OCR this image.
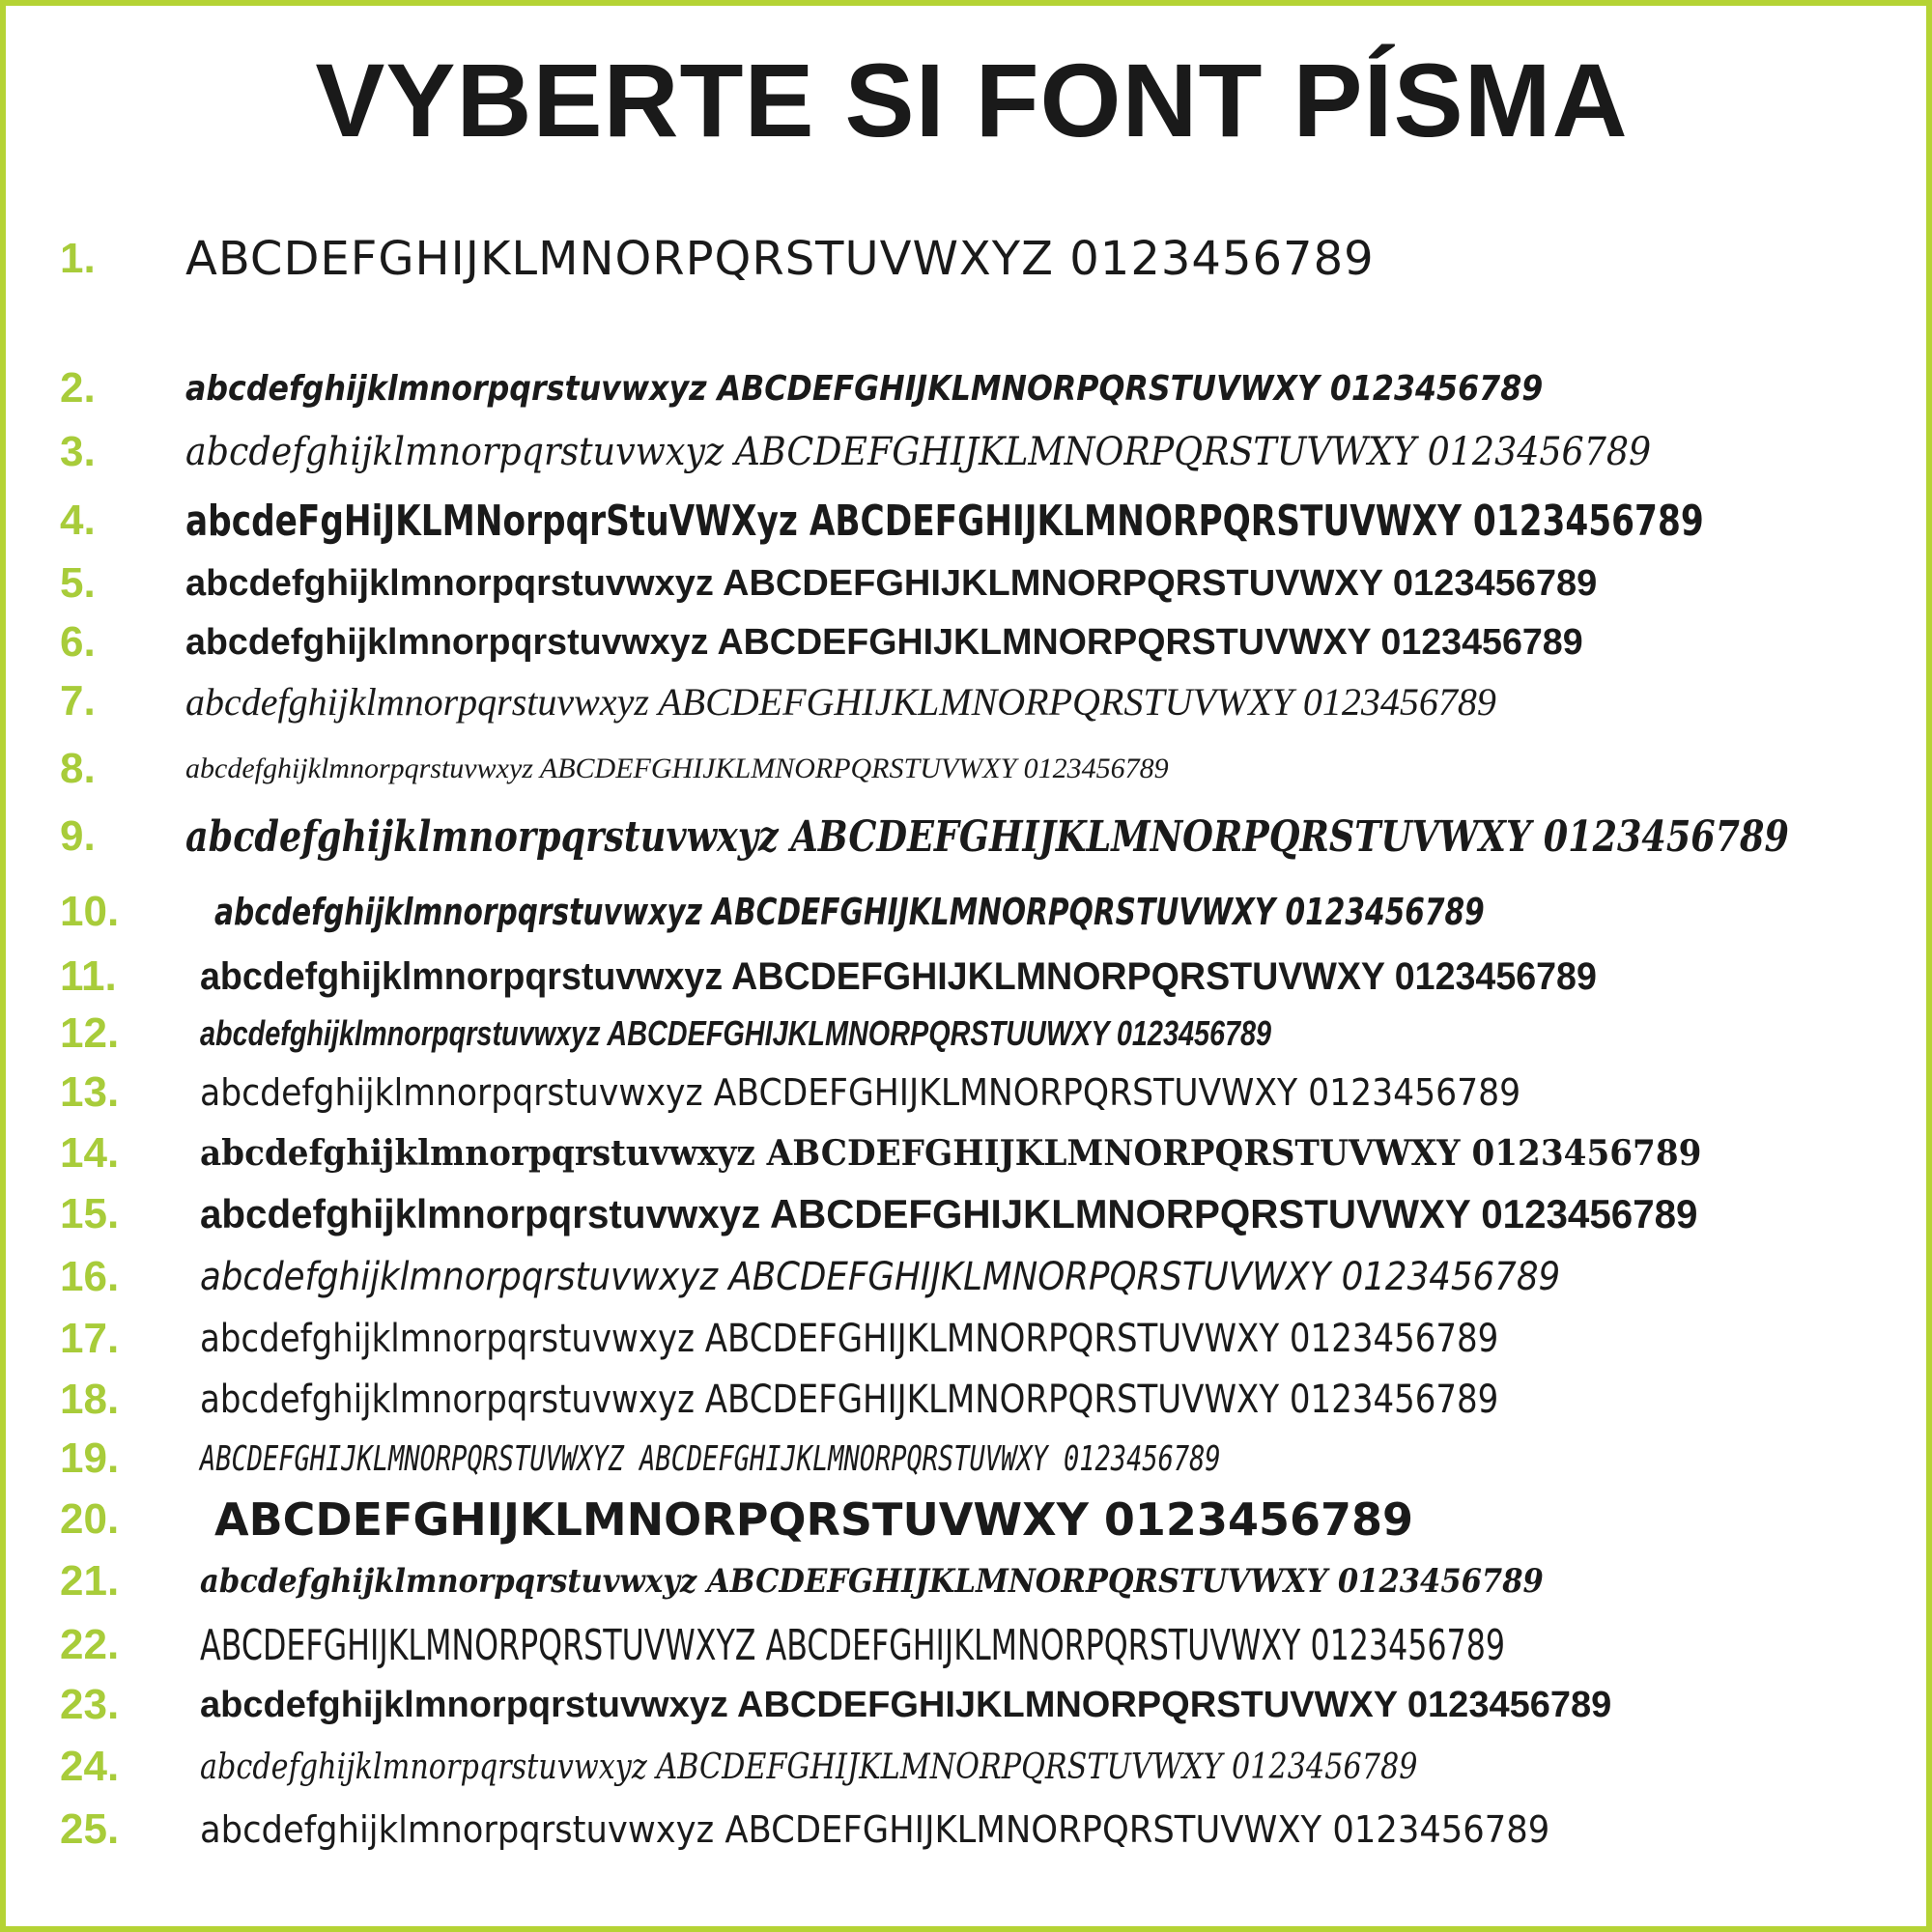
VYBERTE SI FONT PÍSMA
1.	ABCDEFGHIJKLMNORPQRSTUVWXYZ 0123456789
2.	abcdefghijklmnorpqrstuvwxyz ABCDEFGHIJKLMNORPQRSTUVWXY 0123456789
3.	abcdefghijklmnorpqrstuvwxyz ABCDEFGHIJKLMNORPQRSTUVWXY 0123456789
4.	abcdeFgHiJKLMNorpqrStuVWXyz ABCDEFGHIJKLMNORPQRSTUVWXY 0123456789
5.	abcdefghijklmnorpqrstuvwxyz ABCDEFGHIJKLMNORPQRSTUVWXY 0123456789
6.	abcdefghijklmnorpqrstuvwxyz ABCDEFGHIJKLMNORPQRSTUVWXY 0123456789
7.	abcdefghijklmnorpqrstuvwxyz ABCDEFGHIJKLMNORPQRSTUVWXY 0123456789
8.	abcdefghijklmnorpqrstuvwxyz ABCDEFGHIJKLMNORPQRSTUVWXY 0123456789
9.	abcdefghijklmnorpqrstuvwxyz ABCDEFGHIJKLMNORPQRSTUVWXY 0123456789
10.	abcdefghijklmnorpqrstuvwxyz ABCDEFGHIJKLMNORPQRSTUVWXY 0123456789
11.	abcdefghijklmnorpqrstuvwxyz ABCDEFGHIJKLMNORPQRSTUVWXY 0123456789
12.	abcdefghijklmnorpqrstuvwxyz ABCDEFGHIJKLMNORPQRSTUUWXY 0123456789
13.	abcdefghijklmnorpqrstuvwxyz ABCDEFGHIJKLMNORPQRSTUVWXY 0123456789
14.	abcdefghijklmnorpqrstuvwxyz ABCDEFGHIJKLMNORPQRSTUVWXY 0123456789
15.	abcdefghijklmnorpqrstuvwxyz ABCDEFGHIJKLMNORPQRSTUVWXY 0123456789
16.	abcdefghijklmnorpqrstuvwxyz ABCDEFGHIJKLMNORPQRSTUVWXY 0123456789
17.	abcdefghijklmnorpqrstuvwxyz ABCDEFGHIJKLMNORPQRSTUVWXY 0123456789
18.	abcdefghijklmnorpqrstuvwxyz ABCDEFGHIJKLMNORPQRSTUVWXY 0123456789
19.	ABCDEFGHIJKLMNORPQRSTUVWXYZ ABCDEFGHIJKLMNORPQRSTUVWXY 0123456789
20.	ABCDEFGHIJKLMNORPQRSTUVWXY 0123456789
21.	abcdefghijklmnorpqrstuvwxyz ABCDEFGHIJKLMNORPQRSTUVWXY 0123456789
22.	ABCDEFGHIJKLMNORPQRSTUVWXYZ ABCDEFGHIJKLMNORPQRSTUVWXY 0123456789
23.	abcdefghijklmnorpqrstuvwxyz ABCDEFGHIJKLMNORPQRSTUVWXY 0123456789
24.	abcdefghijklmnorpqrstuvwxyz ABCDEFGHIJKLMNORPQRSTUVWXY 0123456789
25.	abcdefghijklmnorpqrstuvwxyz ABCDEFGHIJKLMNORPQRSTUVWXY 0123456789
